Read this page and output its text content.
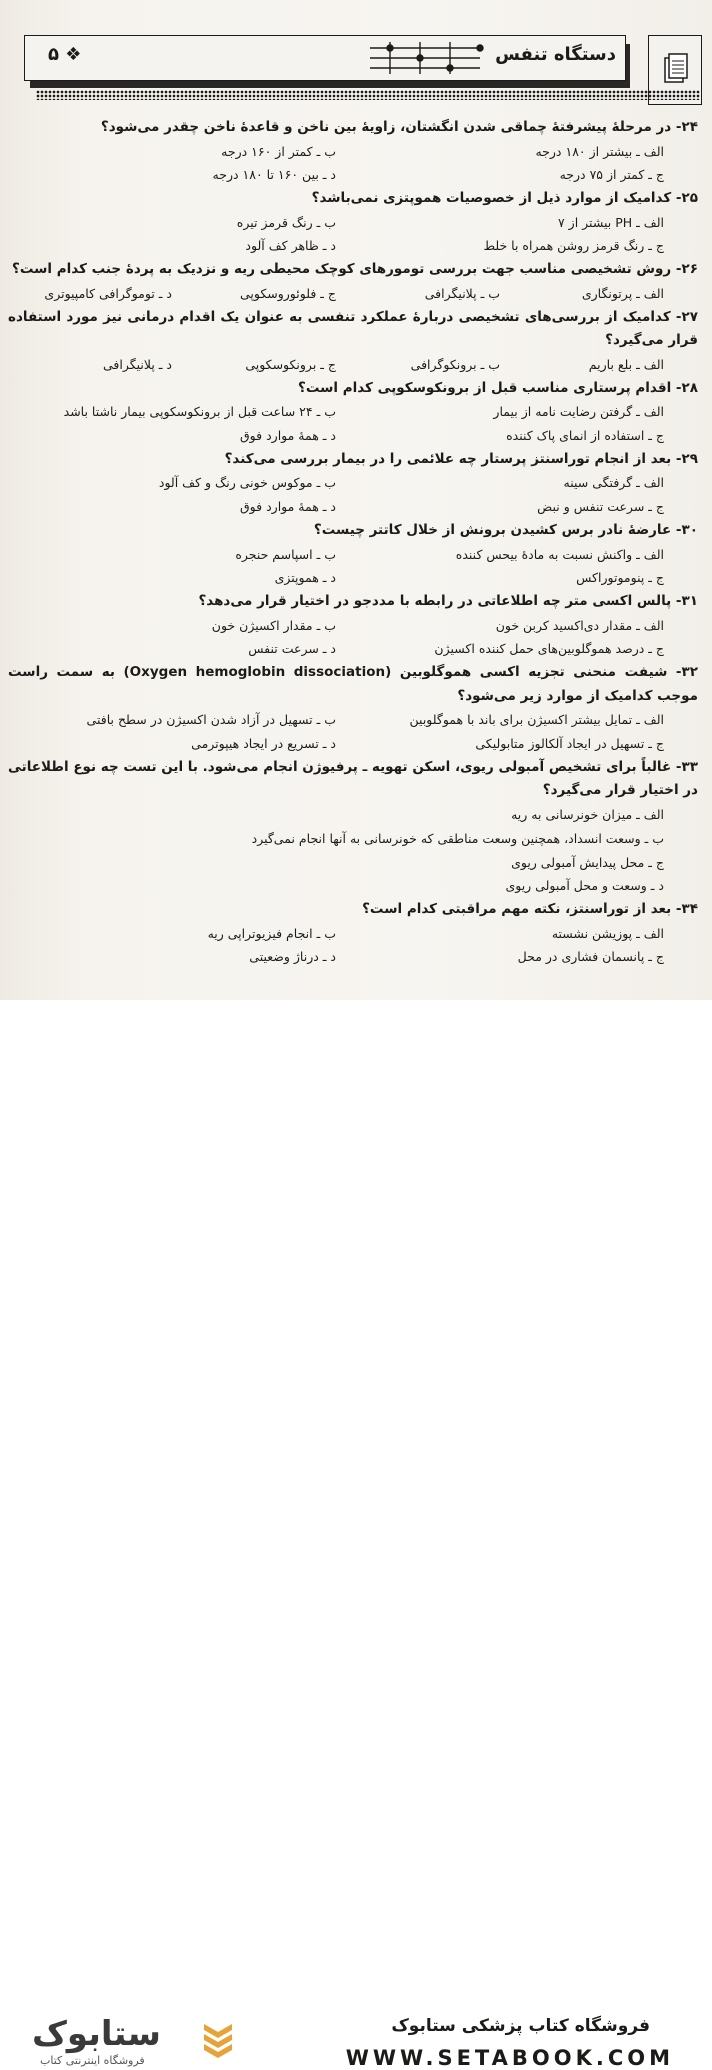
دستگاه تنفس
۵ ❖
۲۴- در مرحلهٔ پیشرفتهٔ چماقی شدن انگشتان، زاویهٔ بین ناخن و قاعدهٔ ناخن چقدر می‌شود؟
الف ـ بیشتر از ۱۸۰ درجه
ب ـ کمتر از ۱۶۰ درجه
ج ـ کمتر از ۷۵ درجه
د ـ بین ۱۶۰ تا ۱۸۰ درجه
۲۵- کدامیک از موارد ذیل از خصوصیات هموپتزی نمی‌باشد؟
الف ـ PH بیشتر از ۷
ب ـ رنگ قرمز تیره
ج ـ رنگ قرمز روشن همراه با خلط
د ـ ظاهر کف آلود
۲۶- روش تشخیصی مناسب جهت بررسی تومورهای کوچک محیطی ریه و نزدیک به پردهٔ جنب کدام است؟
الف ـ پرتونگاری
ب ـ پلانیگرافی
ج ـ فلوئوروسکوپی
د ـ توموگرافی کامپیوتری
۲۷- کدامیک از بررسی‌های تشخیصی دربارهٔ عملکرد تنفسی به عنوان یک اقدام درمانی نیز مورد استفاده قرار می‌گیرد؟
الف ـ بلع باریم
ب ـ برونکوگرافی
ج ـ برونکوسکوپی
د ـ پلانیگرافی
۲۸- اقدام پرستاری مناسب قبل از برونکوسکوپی کدام است؟
الف ـ گرفتن رضایت نامه از بیمار
ب ـ ۲۴ ساعت قبل از برونکوسکوپی بیمار ناشتا باشد
ج ـ استفاده از انمای پاک کننده
د ـ همهٔ موارد فوق
۲۹- بعد از انجام توراسنتز پرستار چه علائمی را در بیمار بررسی می‌کند؟
الف ـ گرفتگی سینه
ب ـ موکوس خونی رنگ و کف آلود
ج ـ سرعت تنفس و نبض
د ـ همهٔ موارد فوق
۳۰- عارضهٔ نادر برس کشیدن برونش از خلال کاتتر چیست؟
الف ـ واکنش نسبت به مادهٔ بیحس کننده
ب ـ اسپاسم حنجره
ج ـ پنوموتوراکس
د ـ هموپتزی
۳۱- پالس اکسی متر چه اطلاعاتی در رابطه با مددجو در اختیار قرار می‌دهد؟
الف ـ مقدار دی‌اکسید کربن خون
ب ـ مقدار اکسیژن خون
ج ـ درصد هموگلوبین‌های حمل کننده اکسیژن
د ـ سرعت تنفس
۳۲- شیفت منحنی تجزیه اکسی هموگلوبین (Oxygen hemoglobin dissociation) به سمت راست موجب کدامیک از موارد زیر می‌شود؟
الف ـ تمایل بیشتر اکسیژن برای باند با هموگلوبین
ب ـ تسهیل در آزاد شدن اکسیژن در سطح بافتی
ج ـ تسهیل در ایجاد آلکالوز متابولیکی
د ـ تسریع در ایجاد هیپوترمی
۳۳- غالباً برای تشخیص آمبولی ریوی، اسکن تهویه ـ پرفیوژن انجام می‌شود. با این تست چه نوع اطلاعاتی در اختیار قرار می‌گیرد؟
الف ـ میزان خونرسانی به ریه
ب ـ وسعت انسداد، همچنین وسعت مناطقی که خونرسانی به آنها انجام نمی‌گیرد
ج ـ محل پیدایش آمبولی ریوی
د ـ وسعت و محل آمبولی ریوی
۳۴- بعد از توراسنتز، نکته مهم مراقبتی کدام است؟
الف ـ پوزیشن نشسته
ب ـ انجام فیزیوتراپی ریه
ج ـ پانسمان فشاری در محل
د ـ درناژ وضعیتی
ستابوک
فروشگاه اینترنتی کتاب
فروشگاه کتاب پزشکی ستابوک
WWW.SETABOOK.COM
